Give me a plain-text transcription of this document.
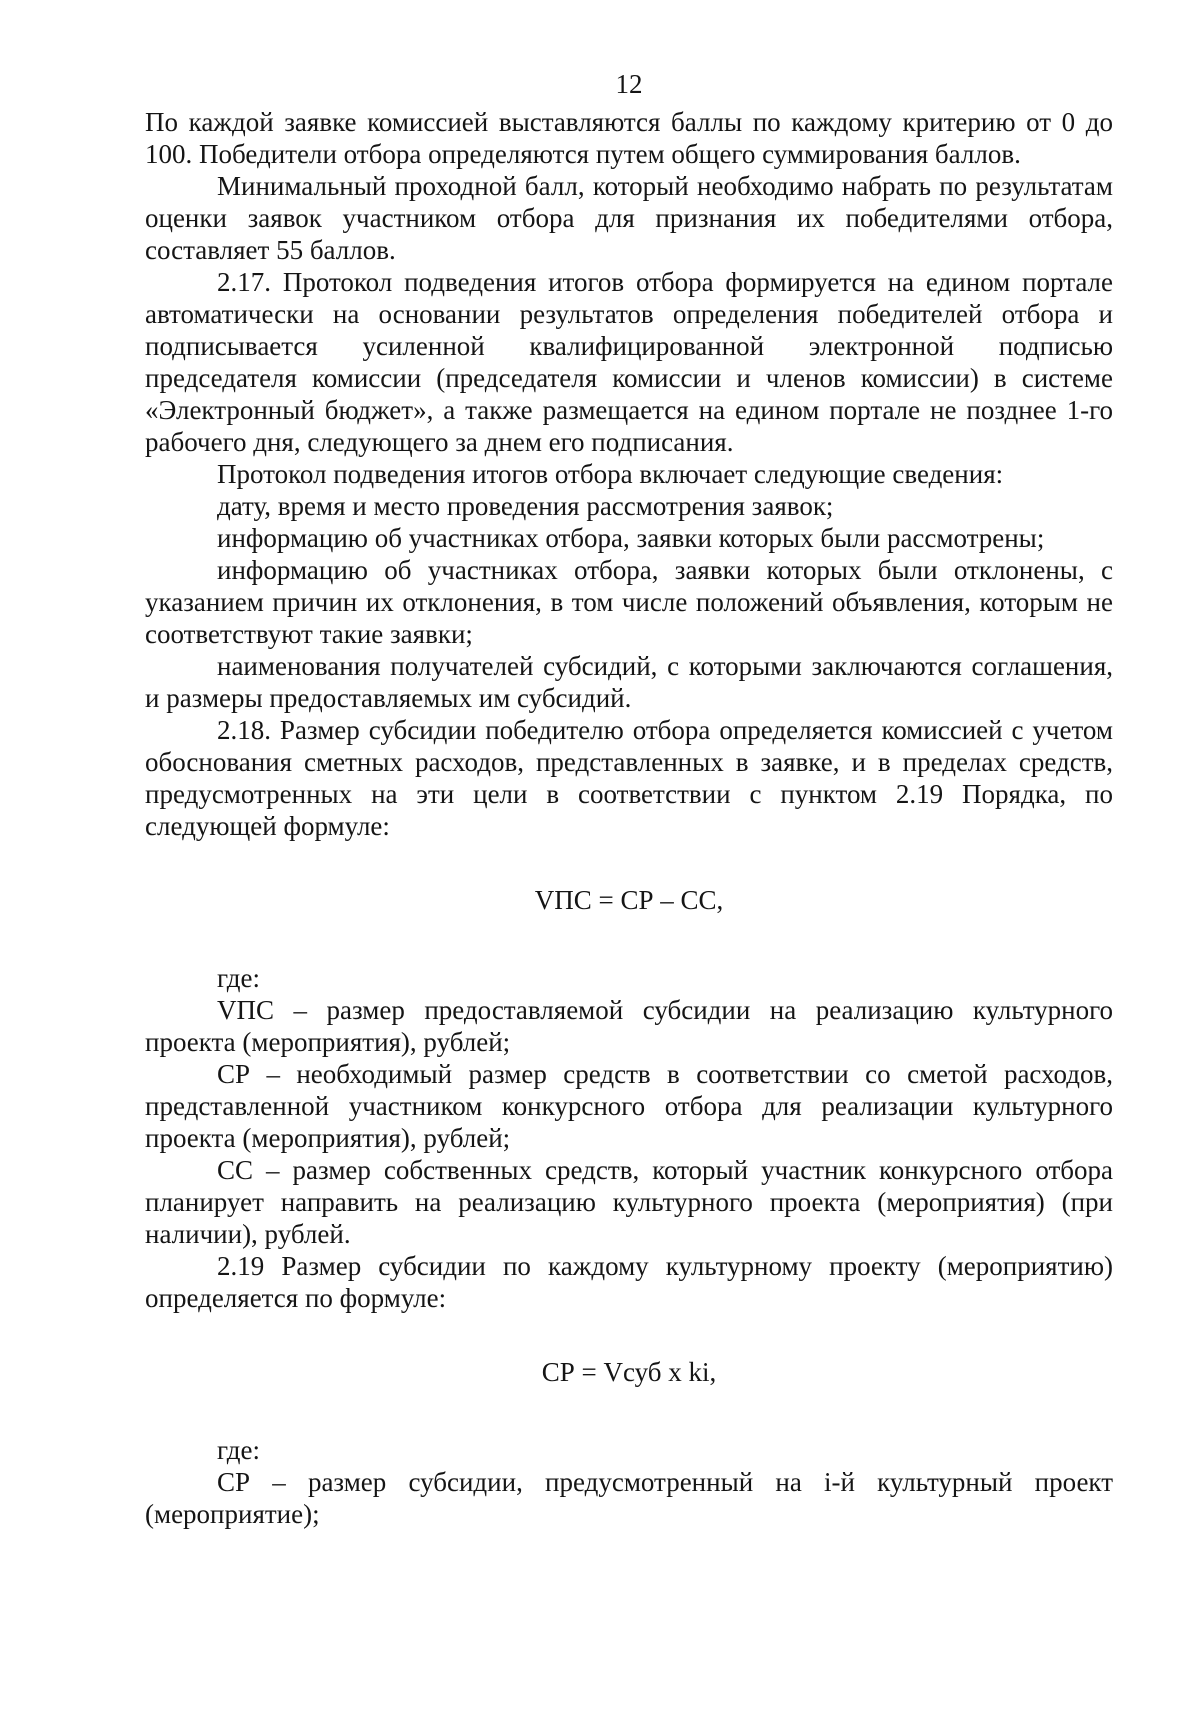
12

По каждой заявке комиссией выставляются баллы по каждому критерию от 0 до 100. Победители отбора определяются путем общего суммирования баллов.

Минимальный проходной балл, который необходимо набрать по результатам оценки заявок участником отбора для признания их победителями отбора, составляет 55 баллов.

2.17. Протокол подведения итогов отбора формируется на едином портале автоматически на основании результатов определения победителей отбора и подписывается усиленной квалифицированной электронной подписью председателя комиссии (председателя комиссии и членов комиссии) в системе «Электронный бюджет», а также размещается на едином портале не позднее 1-го рабочего дня, следующего за днем его подписания.

Протокол подведения итогов отбора включает следующие сведения:

дату, время и место проведения рассмотрения заявок;

информацию об участниках отбора, заявки которых были рассмотрены;

информацию об участниках отбора, заявки которых были отклонены, с указанием причин их отклонения, в том числе положений объявления, которым не соответствуют такие заявки;

наименования получателей субсидий, с которыми заключаются соглашения, и размеры предоставляемых им субсидий.

2.18. Размер субсидии победителю отбора определяется комиссией с учетом обоснования сметных расходов, представленных в заявке, и в пределах средств, предусмотренных на эти цели в соответствии с пунктом 2.19 Порядка, по следующей формуле:

VПС = СР – СС,

где:

VПС – размер предоставляемой субсидии на реализацию культурного проекта (мероприятия), рублей;

СР – необходимый размер средств в соответствии со сметой расходов, представленной участником конкурсного отбора для реализации культурного проекта (мероприятия), рублей;

СС – размер собственных средств, который участник конкурсного отбора планирует направить на реализацию культурного проекта (мероприятия) (при наличии), рублей.

2.19 Размер субсидии по каждому культурному проекту (мероприятию) определяется по формуле:

СР = Vсуб x ki,

где:

СР – размер субсидии, предусмотренный на i-й культурный проект (мероприятие);
